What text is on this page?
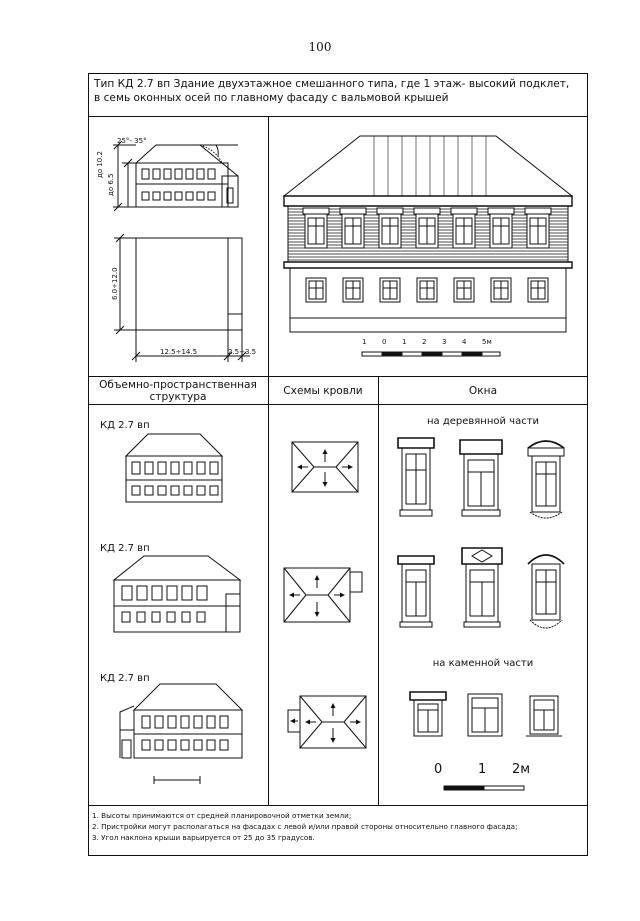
100
Тип КД 2.7 вп Здание двухэтажное смешанного типа, где 1 этаж- высокий подклет,
в семь оконных осей по главному фасаду с вальмовой крышей
Объемно-пространственная структура	Схемы кровли	Окна
25°- 35°
до 10.2
до 6.5
6.0÷12.0
12.5÷14.5	2.5÷3.5
1 0 1 2 3 4 5м
КД 2.7 вп
КД 2.7 вп
КД 2.7 вп
на деревянной части
на каменной части
0	1 2м
1. Высоты принимаются от средней планировочной отметки земли;
2. Пристройки могут располагаться на фасадах с левой и/или правой стороны относительно главного фасада;
3. Угол наклона крыши варьируется от 25 до 35 градусов.
